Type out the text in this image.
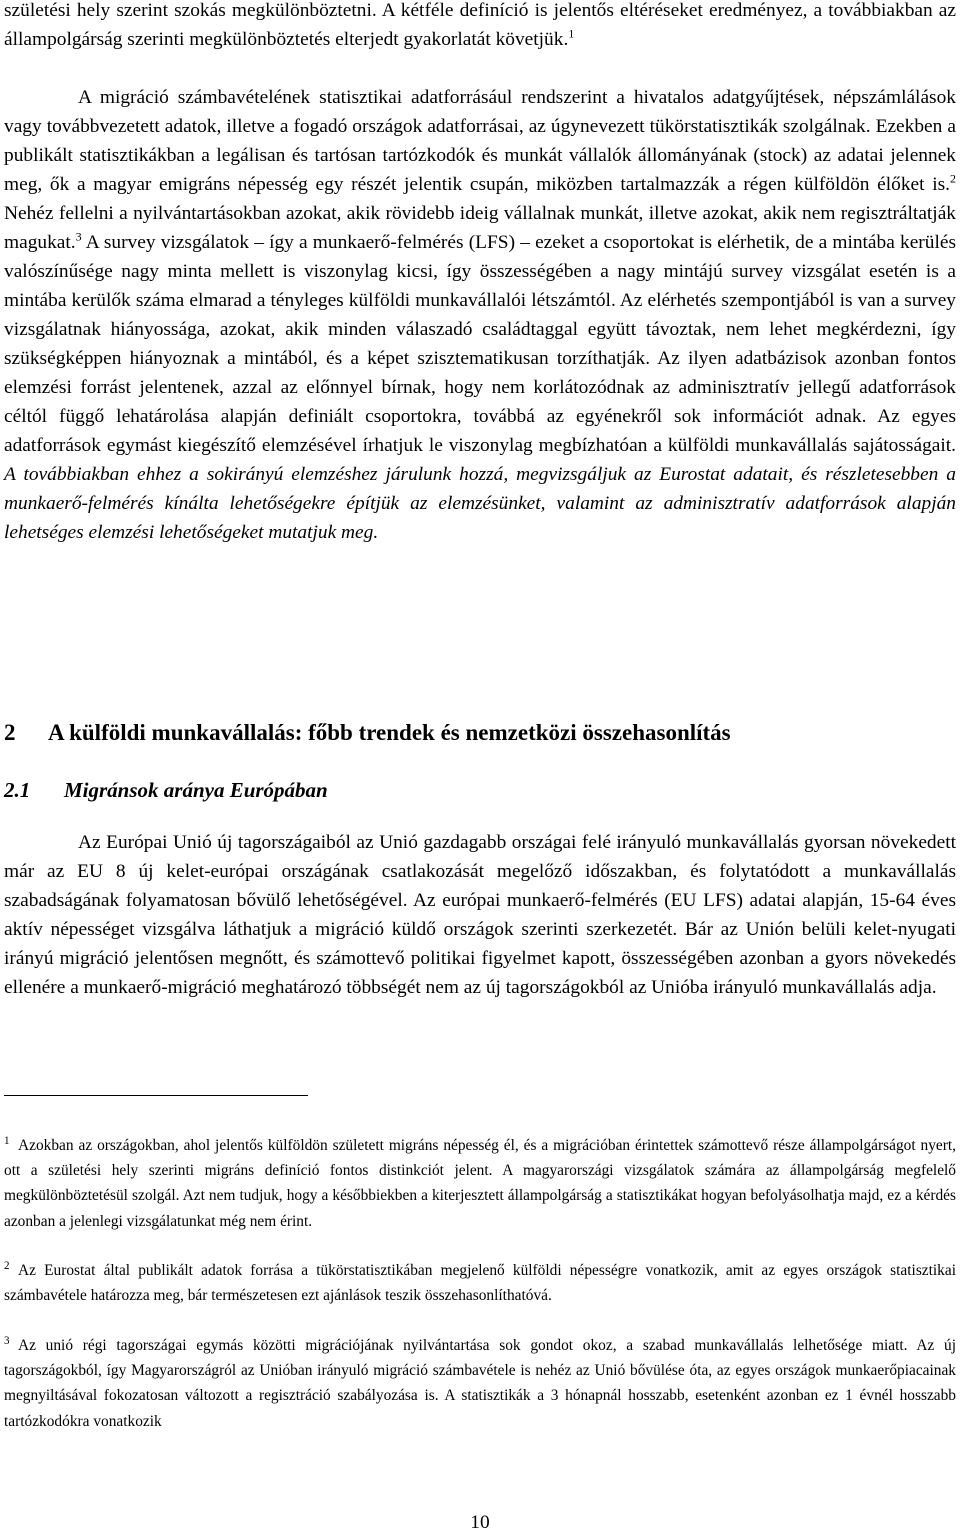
születési hely szerint szokás megkülönböztetni. A kétféle definíció is jelentős eltéréseket eredményez, a továbbiakban az állampolgárság szerinti megkülönböztetés elterjedt gyakorlatát követjük.$^1$

A migráció számbavételének statisztikai adatforrásául rendszerint a hivatalos adatgyűjtések, népszámlálások vagy továbbvezetett adatok, illetve a fogadó országok adatforrásai, az úgynevezett tükörstatisztikák szolgálnak. Ezekben a publikált statisztikákban a legálisan és tartósan tartózkodók és munkát vállalók állományának (stock) az adatai jelennek meg, ők a magyar emigráns népesség egy részét jelentik csupán, miközben tartalmazzák a régen külföldön élőket is.$^2$ Nehéz fellelni a nyilvántartásokban azokat, akik rövidebb ideig vállalnak munkát, illetve azokat, akik nem regisztráltatják magukat.$^3$ A survey vizsgálatok – így a munkaerő-felmérés (LFS) – ezeket a csoportokat is elérhetik, de a mintába kerülés valószínűsége nagy minta mellett is viszonylag kicsi, így összességében a nagy mintájú survey vizsgálat esetén is a mintába kerülők száma elmarad a tényleges külföldi munkavállalói létszámtól. Az elérhetés szempontjából is van a survey vizsgálatnak hiányossága, azokat, akik minden válaszadó családtaggal együtt távoztak, nem lehet megkérdezni, így szükségképpen hiányoznak a mintából, és a képet szisztematikusan torzíthatják. Az ilyen adatbázisok azonban fontos elemzési forrást jelentenek, azzal az előnnyel bírnak, hogy nem korlátozódnak az adminisztratív jellegű adatforrások céltól függő lehatárolása alapján definiált csoportokra, továbbá az egyénekről sok információt adnak. Az egyes adatforrások egymást kiegészítő elemzésével írhatjuk le viszonylag megbízhatóan a külföldi munkavállalás sajátosságait. A továbbiakban ehhez a sokirányú elemzéshez járulunk hozzá, megvizsgáljuk az Eurostat adatait, és részletesebben a munkaerő-felmérés kínálta lehetőségekre építjük az elemzésünket, valamint az adminisztratív adatforrások alapján lehetséges elemzési lehetőségeket mutatjuk meg.

2 A külföldi munkavállalás: főbb trendek és nemzetközi összehasonlítás
2.1 Migránsok aránya Európában

Az Európai Unió új tagországaiból az Unió gazdagabb országai felé irányuló munkavállalás gyorsan növekedett már az EU 8 új kelet-európai országának csatlakozását megelőző időszakban, és folytatódott a munkavállalás szabadságának folyamatosan bővülő lehetőségével. Az európai munkaerő-felmérés (EU LFS) adatai alapján, 15-64 éves aktív népességet vizsgálva láthatjuk a migráció küldő országok szerinti szerkezetét. Bár az Unión belüli kelet-nyugati irányú migráció jelentősen megnőtt, és számottevő politikai figyelmet kapott, összességében azonban a gyors növekedés ellenére a munkaerő-migráció meghatározó többségét nem az új tagországokból az Unióba irányuló munkavállalás adja.

$^1$ Azokban az országokban, ahol jelentős külföldön született migráns népesség él, és a migrációban érintettek számottevő része állampolgárságot nyert, ott a születési hely szerinti migráns definíció fontos distinkciót jelent. A magyarországi vizsgálatok számára az állampolgárság megfelelő megkülönböztetésül szolgál. Azt nem tudjuk, hogy a későbbiekben a kiterjesztett állampolgárság a statisztikákat hogyan befolyásolhatja majd, ez a kérdés azonban a jelenlegi vizsgálatunkat még nem érint.

$^2$ Az Eurostat által publikált adatok forrása a tükörstatisztikában megjelenő külföldi népességre vonatkozik, amit az egyes országok statisztikai számbavétele határozza meg, bár természetesen ezt ajánlások teszik összehasonlíthatóvá.

$^3$ Az unió régi tagországai egymás közötti migrációjának nyilvántartása sok gondot okoz, a szabad munkavállalás lelhetősége miatt. Az új tagországokból, így Magyarországról az Unióban irányuló migráció számbavétele is nehéz az Unió bővülése óta, az egyes országok munkaerőpiacainak megnyiltásával fokozatosan változott a regisztráció szabályozása is. A statisztikák a 3 hónapnál hosszabb, esetenként azonban ez 1 évnél hosszabb tartózkodókra vonatkozik

10
